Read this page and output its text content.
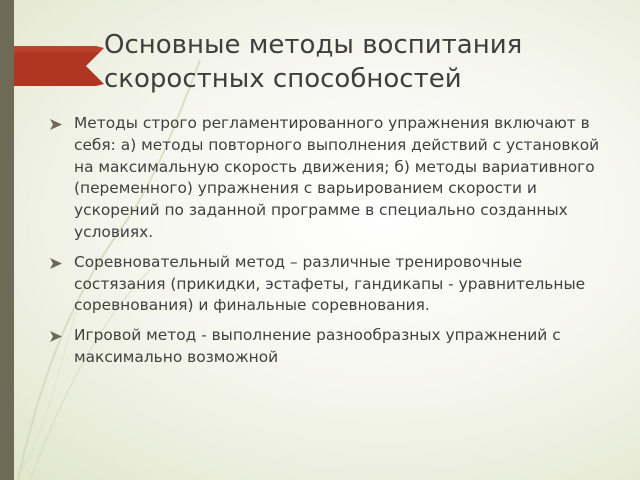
Основные методы воспитания скоростных способностей
Методы строго регламентированного упражнения включают в себя: а) методы повторного выполнения действий с установкой на максимальную скорость движения; б) методы вариативного (переменного) упражнения с варьированием скорости и ускорений по заданной программе в специально созданных условиях.
Соревновательный метод – различные тренировочные состязания (прикидки, эстафеты, гандикапы - уравнительные соревнования) и финальные соревнования.
Игровой метод - выполнение разнообразных упражнений с максимально возможной
